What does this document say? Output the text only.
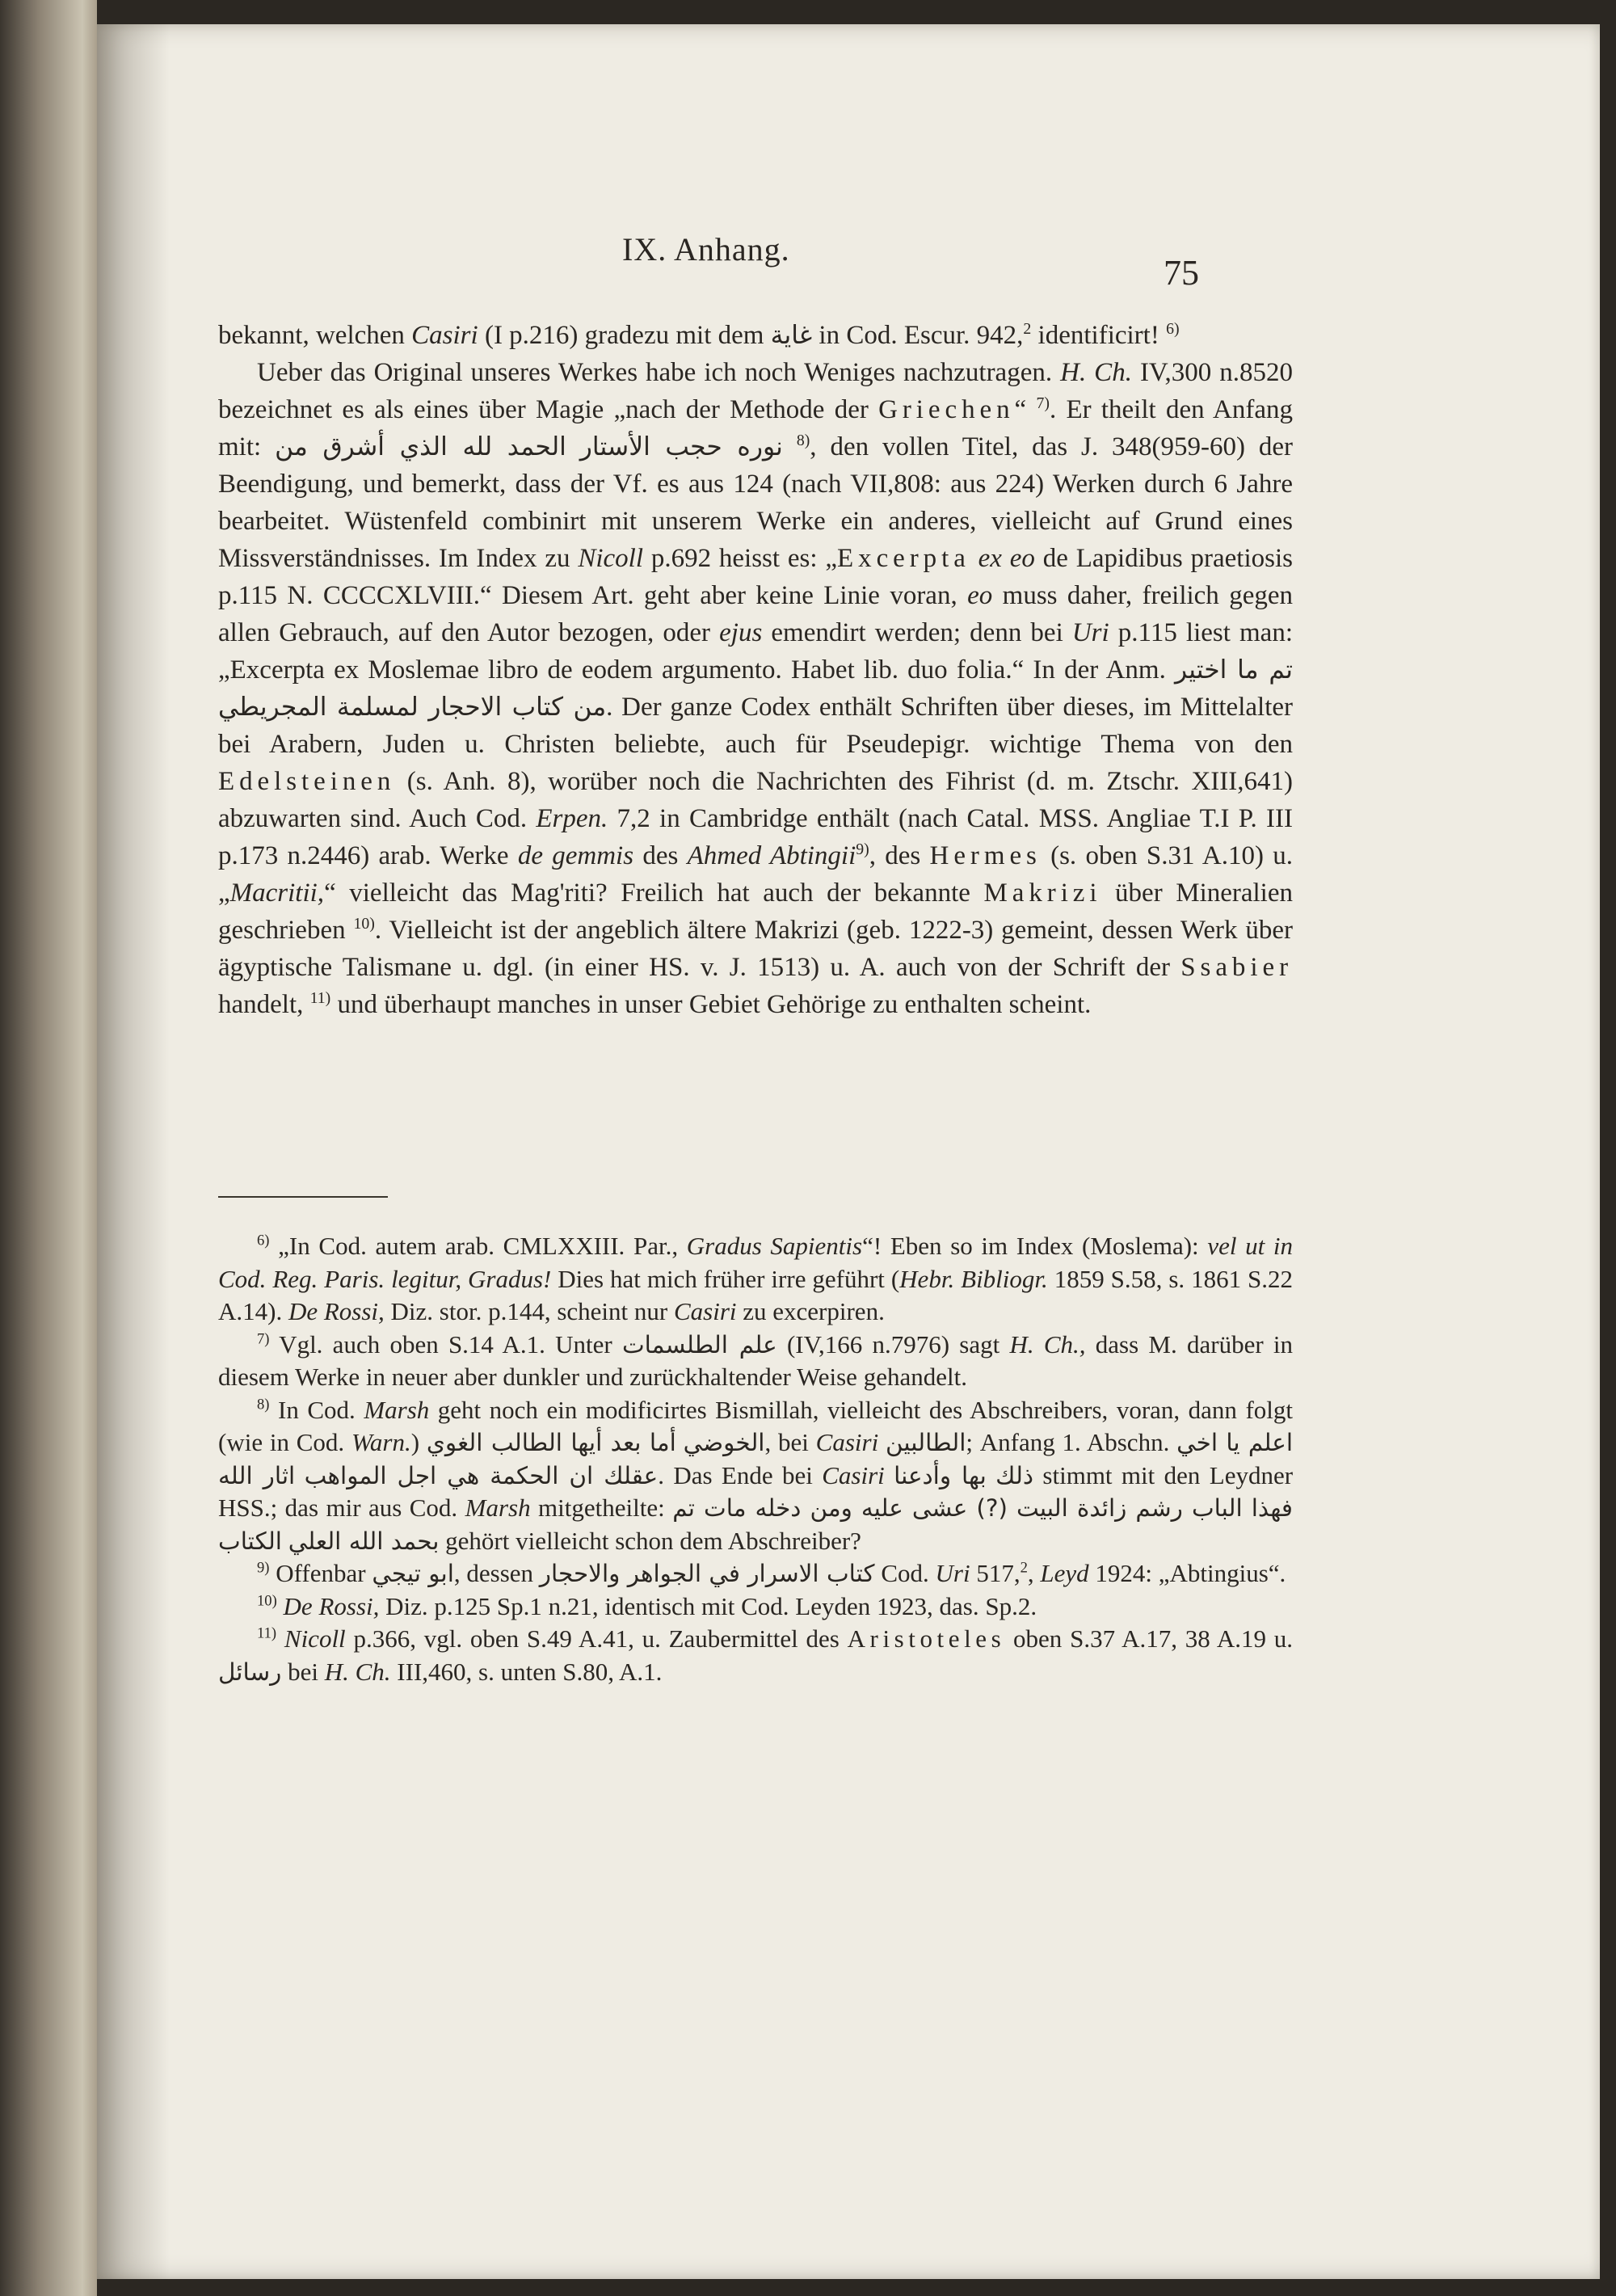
IX. Anhang.
75

bekannt, welchen Casiri (I p.216) gradezu mit dem غاية in Cod. Escur. 942,$^2$ identificirt! $^{6)}$

Ueber das Original unseres Werkes habe ich noch Weniges nachzutragen. H. Ch. IV,300 n.8520 bezeichnet es als eines über Magie „nach der Methode der Griechen“ $^{7)}$. Er theilt den Anfang mit: الحمد لله الذي أشرق من نوره حجب الأستار $^{8)}$, den vollen Titel, das J. 348(959-60) der Beendigung, und bemerkt, dass der Vf. es aus 124 (nach VII,808: aus 224) Werken durch 6 Jahre bearbeitet. Wüstenfeld combinirt mit unserem Werke ein anderes, vielleicht auf Grund eines Missverständnisses. Im Index zu Nicoll p.692 heisst es: „Excerpta ex eo de Lapidibus praetiosis p.115 N. CCCCXLVIII.“ Diesem Art. geht aber keine Linie voran, eo muss daher, freilich gegen allen Gebrauch, auf den Autor bezogen, oder ejus emendirt werden; denn bei Uri p.115 liest man: „Excerpta ex Moslemae libro de eodem argumento. Habet lib. duo folia.“ In der Anm. تم ما اختير من كتاب الاحجار لمسلمة المجريطي. Der ganze Codex enthält Schriften über dieses, im Mittelalter bei Arabern, Juden u. Christen beliebte, auch für Pseudepigr. wichtige Thema von den Edelsteinen (s. Anh. 8), worüber noch die Nachrichten des Fihrist (d. m. Ztschr. XIII,641) abzuwarten sind. Auch Cod. Erpen. 7,2 in Cambridge enthält (nach Catal. MSS. Angliae T.I P. III p.173 n.2446) arab. Werke de gemmis des Ahmed Abtingii$^{9)}$, des Hermes (s. oben S.31 A.10) u. „Macritii,“ vielleicht das Mag'riti? Freilich hat auch der bekannte Makrizi über Mineralien geschrieben $^{10)}$. Vielleicht ist der angeblich ältere Makrizi (geb. 1222-3) gemeint, dessen Werk über ägyptische Talismane u. dgl. (in einer HS. v. J. 1513) u. A. auch von der Schrift der Ssabier handelt, $^{11)}$ und überhaupt manches in unser Gebiet Gehörige zu enthalten scheint.

$^{6)}$ „In Cod. autem arab. CMLXXIII. Par., Gradus Sapientis“! Eben so im Index (Moslema): vel ut in Cod. Reg. Paris. legitur, Gradus! Dies hat mich früher irre geführt (Hebr. Bibliogr. 1859 S.58, s. 1861 S.22 A.14). De Rossi, Diz. stor. p.144, scheint nur Casiri zu excerpiren.

$^{7)}$ Vgl. auch oben S.14 A.1. Unter علم الطلسمات (IV,166 n.7976) sagt H. Ch., dass M. darüber in diesem Werke in neuer aber dunkler und zurückhaltender Weise gehandelt.

$^{8)}$ In Cod. Marsh geht noch ein modificirtes Bismillah, vielleicht des Abschreibers, voran, dann folgt (wie in Cod. Warn.) أما بعد أيها الطالب الغوي الخوضي, bei Casiri الطالبين; Anfang 1. Abschn. اعلم يا اخي اثار الله عقلك ان الحكمة هي اجل المواهب. Das Ende bei Casiri بها وأدعنا ذلك stimmt mit den Leydner HSS.; das mir aus Cod. Marsh mitgetheilte: فهذا الباب رشم زائدة البيت (?) عشى عليه ومن دخله مات تم الكتاب بحمد الله العلي gehört vielleicht schon dem Abschreiber?

$^{9)}$ Offenbar ابو تيجي, dessen كتاب الاسرار في الجواهر والاحجار Cod. Uri 517,$^2$, Leyd 1924: „Abtingius“.

$^{10)}$ De Rossi, Diz. p.125 Sp.1 n.21, identisch mit Cod. Leyden 1923, das. Sp.2.

$^{11)}$ Nicoll p.366, vgl. oben S.49 A.41, u. Zaubermittel des Aristoteles oben S.37 A.17, 38 A.19 u. رسائل bei H. Ch. III,460, s. unten S.80, A.1.
